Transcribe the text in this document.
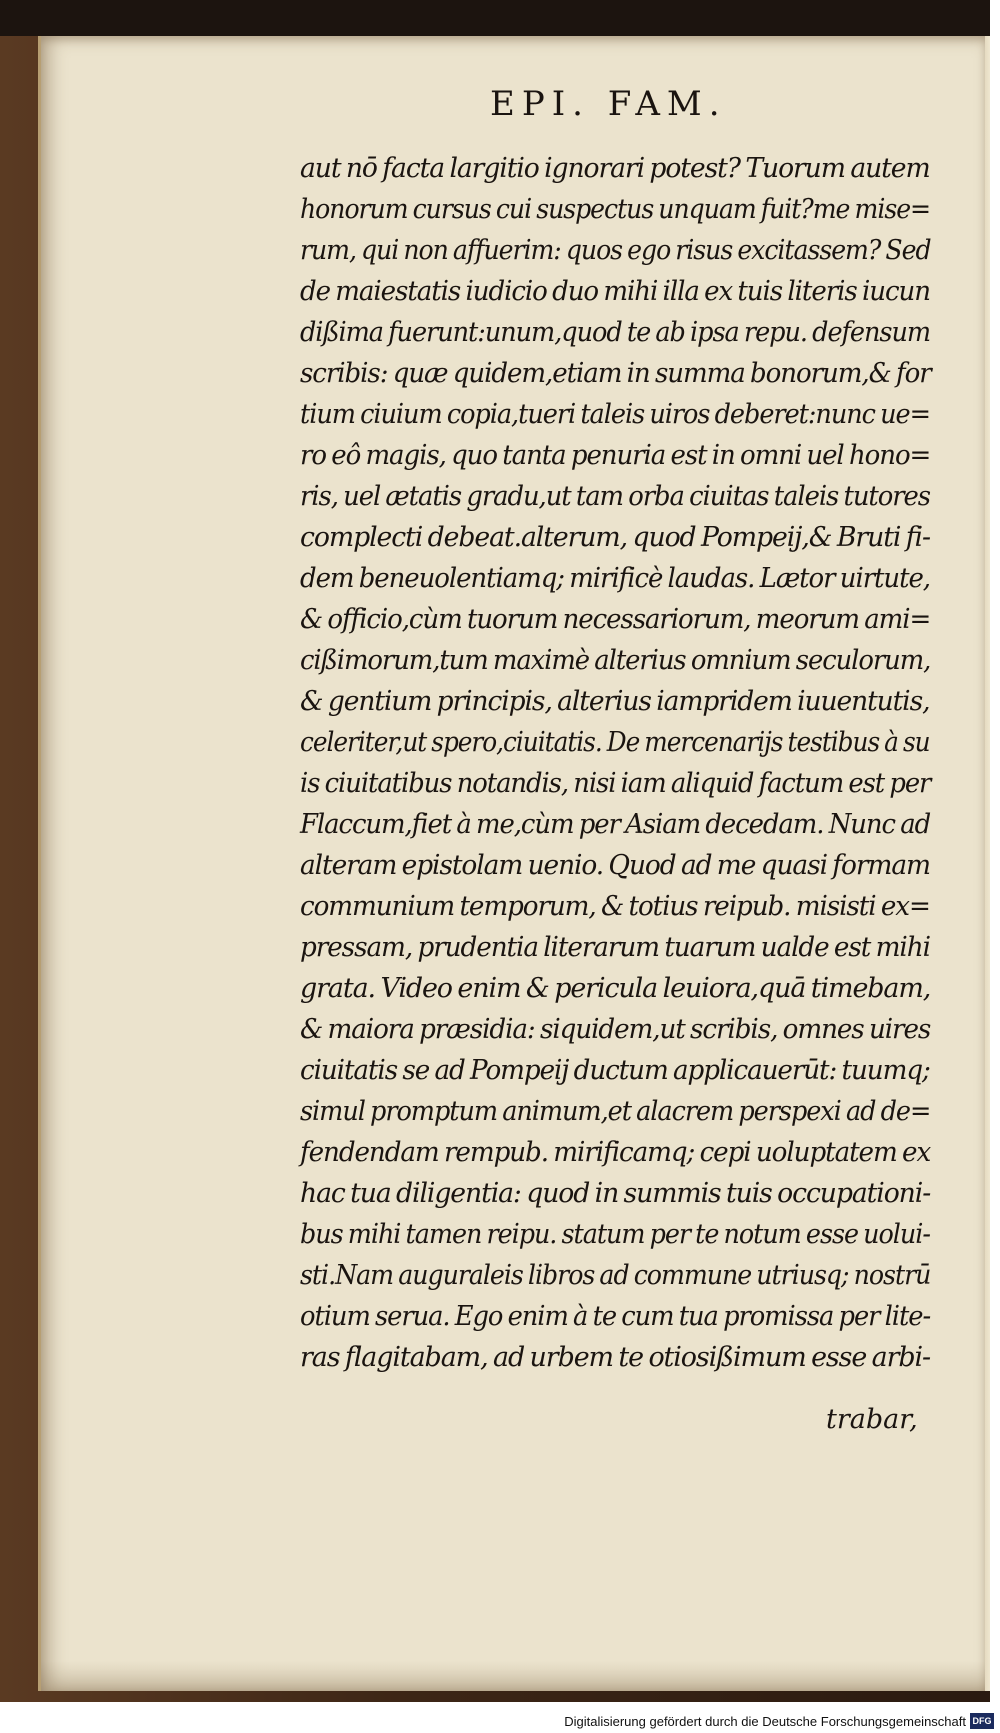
EPI. FAM.
aut nō facta largitio ignorari potest? Tuorum autem
honorum cursus cui suspectus unquam fuit?me mise=
rum, qui non affuerim: quos ego risus excitassem? Sed
de maiestatis iudicio duo mihi illa ex tuis literis iucun
dißima fuerunt:unum,quod te ab ipsa repu. defensum
scribis: quæ quidem,etiam in summa bonorum,& for
tium ciuium copia,tueri taleis uiros deberet:nunc ue=
ro eô magis, quo tanta penuria est in omni uel hono=
ris, uel ætatis gradu,ut tam orba ciuitas taleis tutores
complecti debeat.alterum, quod Pompeij,& Bruti fi-
dem beneuolentiamq; mirificè laudas. Lætor uirtute,
& officio,cùm tuorum necessariorum, meorum ami=
cißimorum,tum maximè alterius omnium seculorum,
& gentium principis, alterius iampridem iuuentutis,
celeriter,ut spero,ciuitatis. De mercenarijs testibus à su
is ciuitatibus notandis, nisi iam aliquid factum est per
Flaccum,fiet à me,cùm per Asiam decedam. Nunc ad
alteram epistolam uenio. Quod ad me quasi formam
communium temporum, & totius reipub. misisti ex=
pressam, prudentia literarum tuarum ualde est mihi
grata. Video enim & pericula leuiora,quā timebam,
& maiora præsidia: siquidem,ut scribis, omnes uires
ciuitatis se ad Pompeij ductum applicauerūt: tuumq;
simul promptum animum,et alacrem perspexi ad de=
fendendam rempub. mirificamq; cepi uoluptatem ex
hac tua diligentia: quod in summis tuis occupationi-
bus mihi tamen reipu. statum per te notum esse uolui-
sti.Nam auguraleis libros ad commune utriusq; nostrū
otium serua. Ego enim à te cum tua promissa per lite-
ras flagitabam, ad urbem te otiosißimum esse arbi-
trabar,
Digitalisierung gefördert durch die Deutsche Forschungsgemeinschaft DFG
